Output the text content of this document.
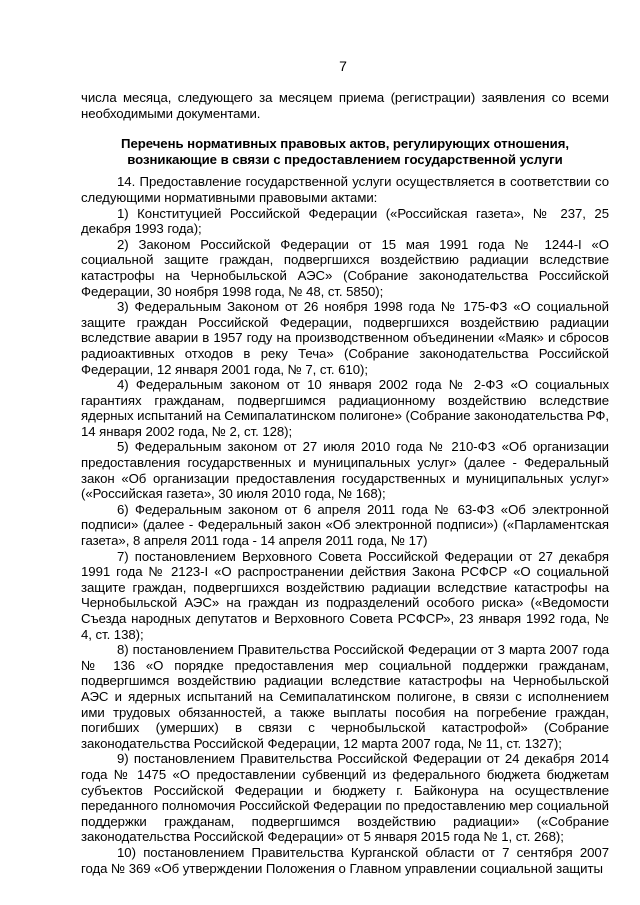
7

числа месяца, следующего за месяцем приема (регистрации) заявления со всеми необходимыми документами.

Перечень нормативных правовых актов, регулирующих отношения, возникающие в связи с предоставлением государственной услуги

14. Предоставление государственной услуги осуществляется в соответствии со следующими нормативными правовыми актами:

1) Конституцией Российской Федерации («Российская газета», № 237, 25 декабря 1993 года);

2) Законом Российской Федерации от 15 мая 1991 года № 1244-I «О социальной защите граждан, подвергшихся воздействию радиации вследствие катастрофы на Чернобыльской АЭС» (Собрание законодательства Российской Федерации, 30 ноября 1998 года, № 48, ст. 5850);

3) Федеральным Законом от 26 ноября 1998 года № 175-ФЗ «О социальной защите граждан Российской Федерации, подвергшихся воздействию радиации вследствие аварии в 1957 году на производственном объединении «Маяк» и сбросов радиоактивных отходов в реку Теча» (Собрание законодательства Российской Федерации, 12 января 2001 года, № 7, ст. 610);

4) Федеральным законом от 10 января 2002 года № 2-ФЗ «О социальных гарантиях гражданам, подвергшимся радиационному воздействию вследствие ядерных испытаний на Семипалатинском полигоне» (Собрание законодательства РФ, 14 января 2002 года, № 2, ст. 128);

5) Федеральным законом от 27 июля 2010 года № 210-ФЗ «Об организации предоставления государственных и муниципальных услуг» (далее - Федеральный закон «Об организации предоставления государственных и муниципальных услуг» («Российская газета», 30 июля 2010 года, № 168);

6) Федеральным законом от 6 апреля 2011 года № 63-ФЗ «Об электронной подписи» (далее - Федеральный закон «Об электронной подписи») («Парламентская газета», 8 апреля 2011 года - 14 апреля 2011 года, № 17)

7) постановлением Верховного Совета Российской Федерации от 27 декабря 1991 года № 2123-I «О распространении действия Закона РСФСР «О социальной защите граждан, подвергшихся воздействию радиации вследствие катастрофы на Чернобыльской АЭС» на граждан из подразделений особого риска» («Ведомости Съезда народных депутатов и Верховного Совета РСФСР», 23 января 1992 года, № 4, ст. 138);

8) постановлением Правительства Российской Федерации от 3 марта 2007 года № 136 «О порядке предоставления мер социальной поддержки гражданам, подвергшимся воздействию радиации вследствие катастрофы на Чернобыльской АЭС и ядерных испытаний на Семипалатинском полигоне, в связи с исполнением ими трудовых обязанностей, а также выплаты пособия на погребение граждан, погибших (умерших) в связи с чернобыльской катастрофой» (Собрание законодательства Российской Федерации, 12 марта 2007 года, № 11, ст. 1327);

9) постановлением Правительства Российской Федерации от 24 декабря 2014 года № 1475 «О предоставлении субвенций из федерального бюджета бюджетам субъектов Российской Федерации и бюджету г. Байконура на осуществление переданного полномочия Российской Федерации по предоставлению мер социальной поддержки гражданам, подвергшимся воздействию радиации» («Собрание законодательства Российской Федерации» от 5 января 2015 года № 1, ст. 268);

10) постановлением Правительства Курганской области от 7 сентября 2007 года № 369 «Об утверждении Положения о Главном управлении социальной защиты
